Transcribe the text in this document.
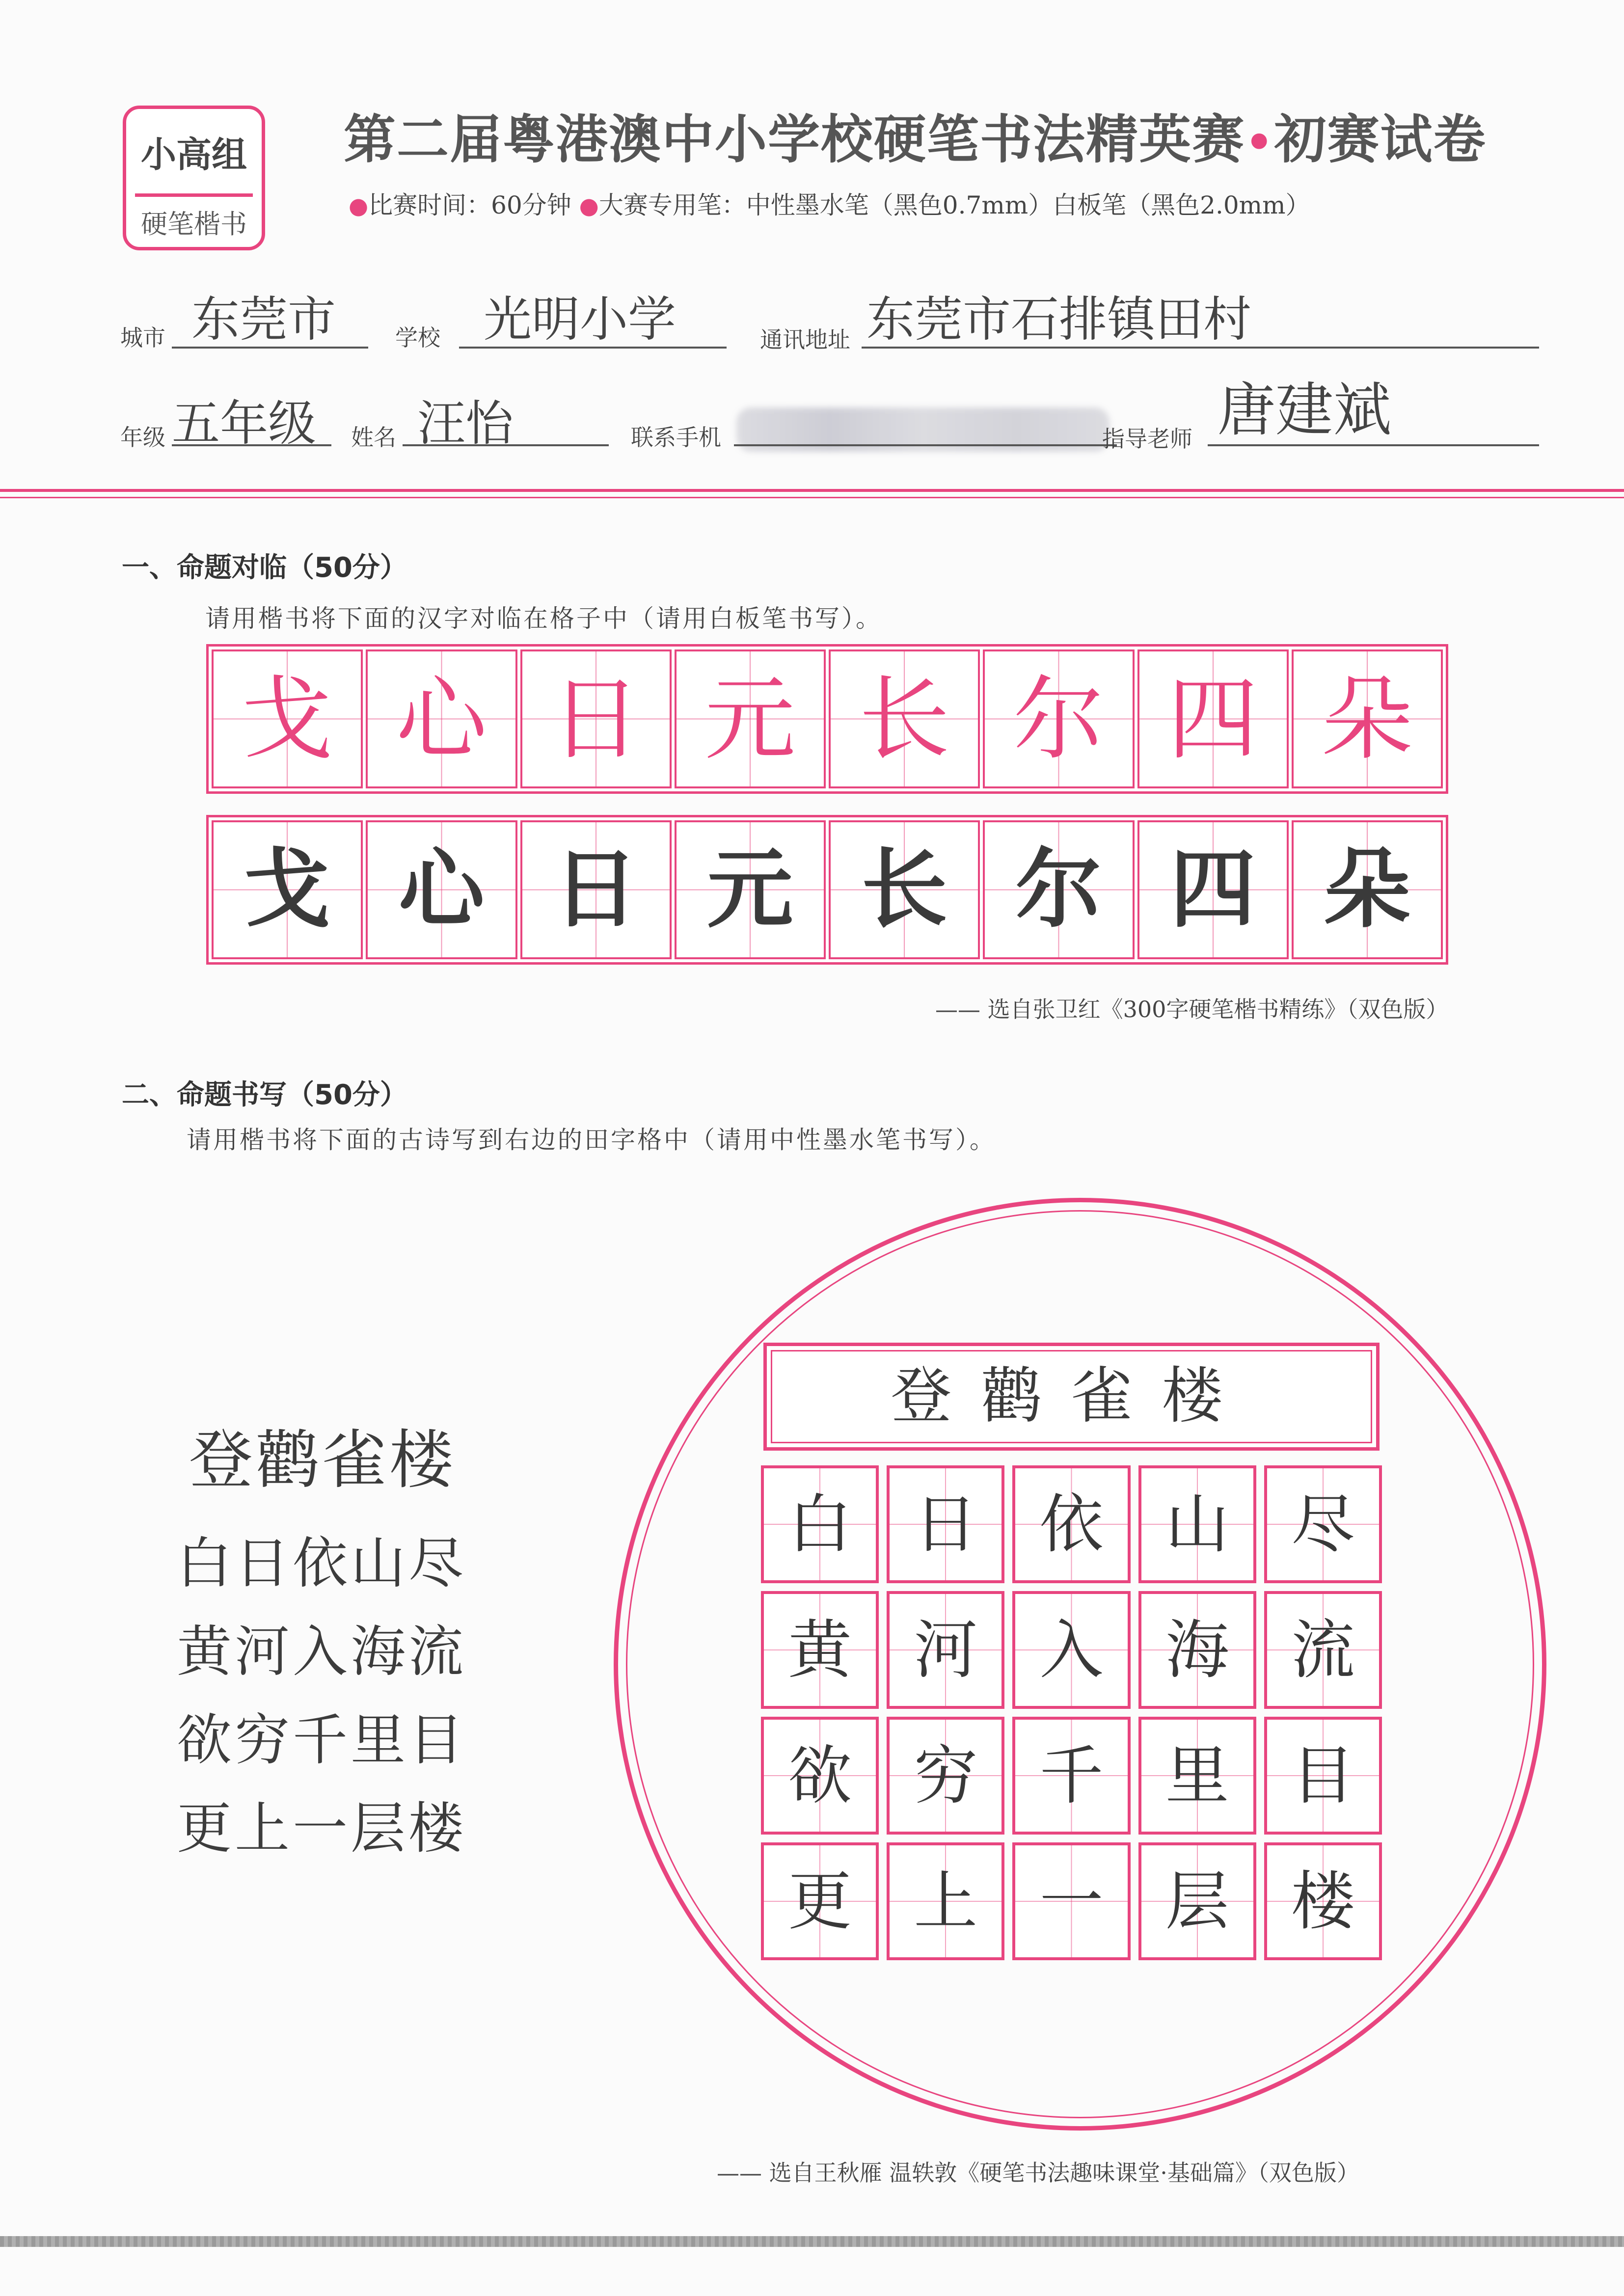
小高组
硬笔楷书
第二届粤港澳中小学校硬笔书法精英赛•初赛试卷
●比赛时间：60分钟 ●大赛专用笔：中性墨水笔（黑色0.7mm）白板笔（黑色2.0mm）
城市 东莞市	学校 光明小学	通讯地址 东莞市石排镇田村
年级 五年级 姓名 汪怡	联系手机	指导老师 唐建斌
一、命题对临（50分）
请用楷书将下面的汉字对临在格子中（请用白板笔书写）。
戈 心 日 元 长 尔 四 朵
戈 心 日 元 长 尔 四 朵
—— 选自张卫红《300字硬笔楷书精练》（双色版）
二、命题书写（50分）
请用楷书将下面的古诗写到右边的田字格中（请用中性墨水笔书写）。
登鹳雀楼
白日依山尽
黄河入海流
欲穷千里目
更上一层楼
登鹳雀楼
白 日 依 山 尽
黄 河 入 海 流
欲 穷 千 里 目
更 上 一 层 楼
—— 选自王秋雁 温轶敦《硬笔书法趣味课堂·基础篇》（双色版）
